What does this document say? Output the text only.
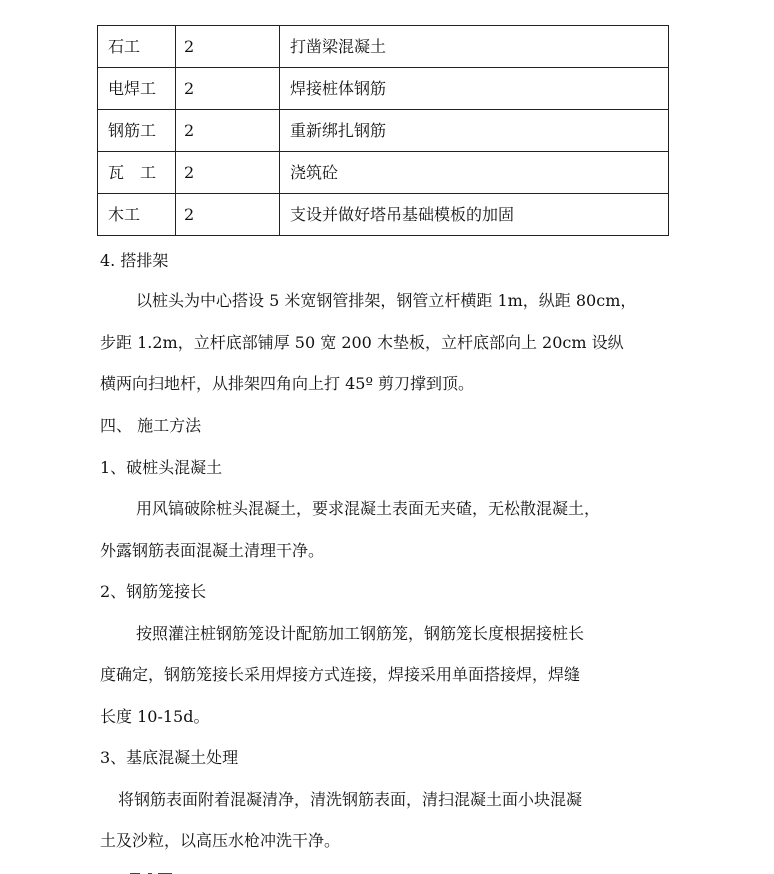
石工	2	打凿梁混凝土
电焊工	2	焊接桩体钢筋
钢筋工	2	重新绑扎钢筋
瓦　工	2	浇筑砼
木工	2	支设并做好塔吊基础模板的加固
4. 搭排架
以桩头为中心搭设 5 米宽钢管排架，钢管立杆横距 1m，纵距 80cm，
步距 1.2m，立杆底部铺厚 50 宽 200 木垫板，立杆底部向上 20cm 设纵
横两向扫地杆，从排架四角向上打 45º 剪刀撑到顶。
四、 施工方法
1、破桩头混凝土
用风镐破除桩头混凝土，要求混凝土表面无夹碴，无松散混凝土，
外露钢筋表面混凝土清理干净。
2、钢筋笼接长
按照灌注桩钢筋笼设计配筋加工钢筋笼，钢筋笼长度根据接桩长
度确定，钢筋笼接长采用焊接方式连接，焊接采用单面搭接焊，焊缝
长度 10-15d。
3、基底混凝土处理
将钢筋表面附着混凝清净，清洗钢筋表面，清扫混凝土面小块混凝
土及沙粒，以高压水枪冲洗干净。
